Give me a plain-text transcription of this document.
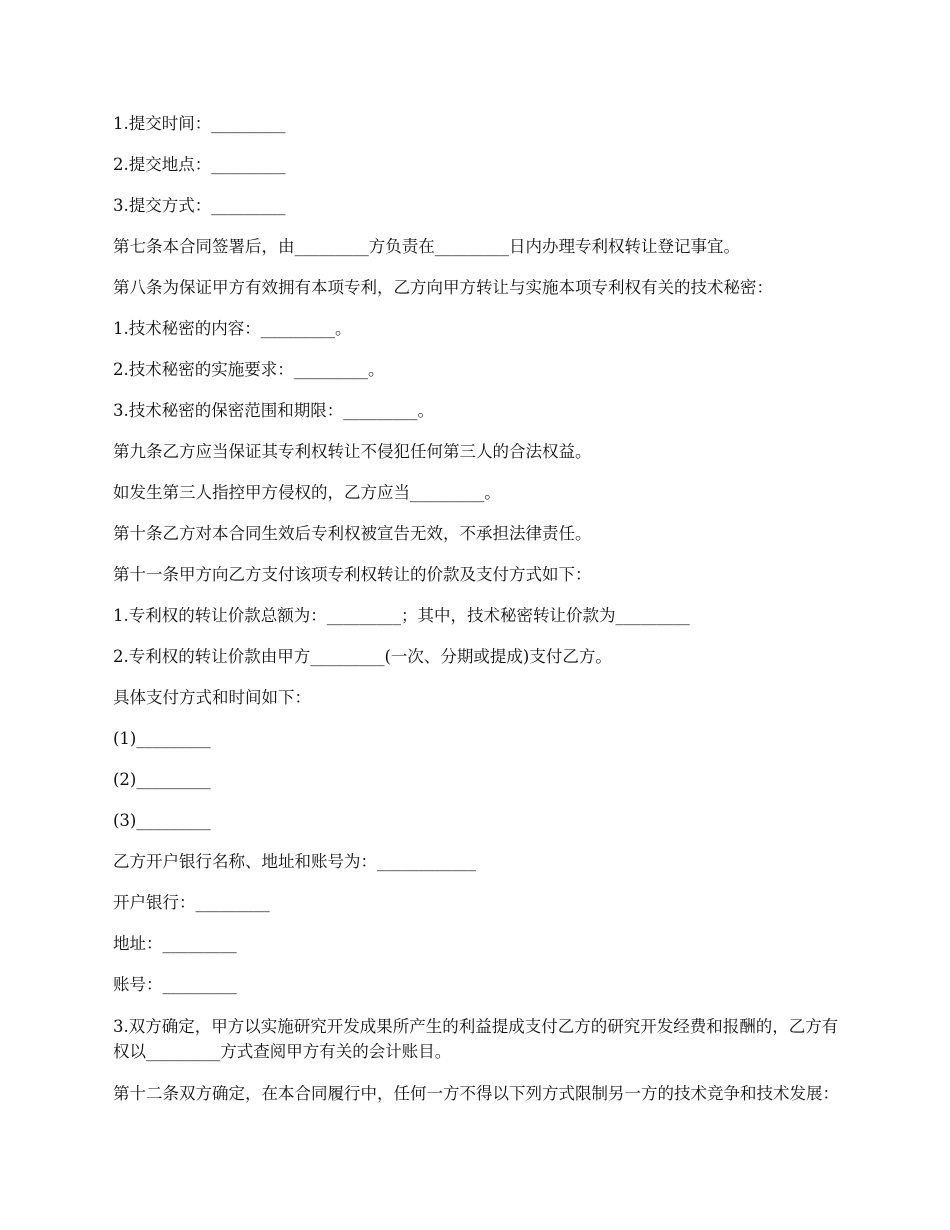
1.提交时间：_________

2.提交地点：_________

3.提交方式：_________

第七条本合同签署后，由_________方负责在_________日内办理专利权转让登记事宜。

第八条为保证甲方有效拥有本项专利，乙方向甲方转让与实施本项专利权有关的技术秘密：

1.技术秘密的内容：_________。

2.技术秘密的实施要求：_________。

3.技术秘密的保密范围和期限：_________。

第九条乙方应当保证其专利权转让不侵犯任何第三人的合法权益。

如发生第三人指控甲方侵权的，乙方应当_________。

第十条乙方对本合同生效后专利权被宣告无效，不承担法律责任。

第十一条甲方向乙方支付该项专利权转让的价款及支付方式如下：

1.专利权的转让价款总额为：_________；其中，技术秘密转让价款为_________

2.专利权的转让价款由甲方_________(一次、分期或提成)支付乙方。

具体支付方式和时间如下：

(1)_________

(2)_________

(3)_________

乙方开户银行名称、地址和账号为：____________

开户银行：_________

地址：_________

账号：_________

3.双方确定，甲方以实施研究开发成果所产生的利益提成支付乙方的研究开发经费和报酬的，乙方有权以_________方式查阅甲方有关的会计账目。

第十二条双方确定，在本合同履行中，任何一方不得以下列方式限制另一方的技术竞争和技术发展：
